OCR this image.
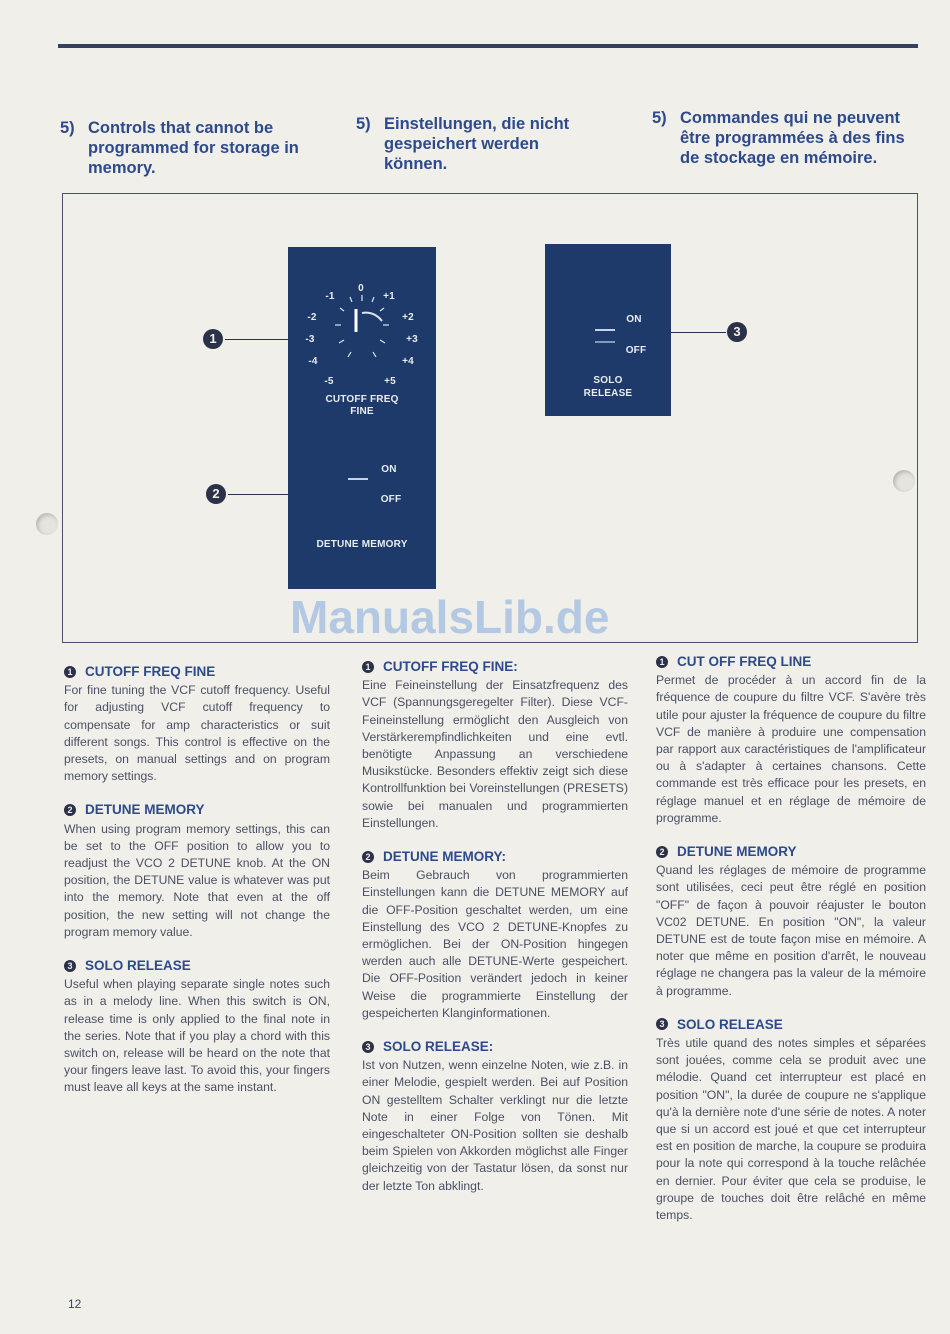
5) Controls that cannot be programmed for storage in memory.
5) Einstellungen, die nicht gespeichert werden können.
5) Commandes qui ne peuvent être programmées à des fins de stockage en mémoire.
-1
0
+1
-2	+2
-3	+3
-4	+4
-5	+5
CUTOFF FREQ
FINE
ON
OFF
DETUNE MEMORY
ON
OFF
SOLO
RELEASE
1
2
3
ManualsLib.de
1 CUTOFF FREQ FINE

For fine tuning the VCF cutoff frequency. Useful for adjusting VCF cutoff frequency to compensate for amp characteristics or suit different songs. This control is effective on the presets, on manual settings and on program memory settings.

2 DETUNE MEMORY

When using program memory settings, this can be set to the OFF position to allow you to readjust the VCO 2 DETUNE knob. At the ON position, the DETUNE value is whatever was put into the memory. Note that even at the off position, the new setting will not change the program memory value.

3 SOLO RELEASE

Useful when playing separate single notes such as in a melody line. When this switch is ON, release time is only applied to the final note in the series. Note that if you play a chord with this switch on, release will be heard on the note that your fingers leave last. To avoid this, your fingers must leave all keys at the same instant.

1 CUTOFF FREQ FINE:

Eine Feineinstellung der Einsatzfrequenz des VCF (Spannungsgeregelter Filter). Diese VCF-Feineinstellung ermöglicht den Ausgleich von Verstärkerempfindlichkeiten und eine evtl. benötigte Anpassung an verschiedene Musikstücke. Besonders effektiv zeigt sich diese Kontrollfunktion bei Voreinstellungen (PRESETS) sowie bei manualen und programmierten Einstellungen.

2 DETUNE MEMORY:

Beim Gebrauch von programmierten Einstellungen kann die DETUNE MEMORY auf die OFF-Position geschaltet werden, um eine Einstellung des VCO 2 DETUNE-Knopfes zu ermöglichen. Bei der ON-Position hingegen werden auch alle DETUNE-Werte gespeichert. Die OFF-Position verändert jedoch in keiner Weise die programmierte Einstellung der gespeicherten Klanginformationen.

3 SOLO RELEASE:

Ist von Nutzen, wenn einzelne Noten, wie z.B. in einer Melodie, gespielt werden. Bei auf Position ON gestelltem Schalter verklingt nur die letzte Note in einer Folge von Tönen. Mit eingeschalteter ON-Position sollten sie deshalb beim Spielen von Akkorden möglichst alle Finger gleichzeitig von der Tastatur lösen, da sonst nur der letzte Ton abklingt.

1 CUT OFF FREQ LINE

Permet de procéder à un accord fin de la fréquence de coupure du filtre VCF. S'avère très utile pour ajuster la fréquence de coupure du filtre VCF de manière à produire une compensation par rapport aux caractéristiques de l'amplificateur ou à s'adapter à certaines chansons. Cette commande est très efficace pour les presets, en réglage manuel et en réglage de mémoire de programme.

2 DETUNE MEMORY

Quand les réglages de mémoire de programme sont utilisées, ceci peut être réglé en position "OFF" de façon à pouvoir réajuster le bouton VC02 DETUNE. En position "ON", la valeur DETUNE est de toute façon mise en mémoire. A noter que même en position d'arrêt, le nouveau réglage ne changera pas la valeur de la mémoire à programme.

3 SOLO RELEASE

Très utile quand des notes simples et séparées sont jouées, comme cela se produit avec une mélodie. Quand cet interrupteur est placé en position "ON", la durée de coupure ne s'applique qu'à la dernière note d'une série de notes. A noter que si un accord est joué et que cet interrupteur est en position de marche, la coupure se produira pour la note qui correspond à la touche relâchée en dernier. Pour éviter que cela se produise, le groupe de touches doit être relâché en même temps.

12
